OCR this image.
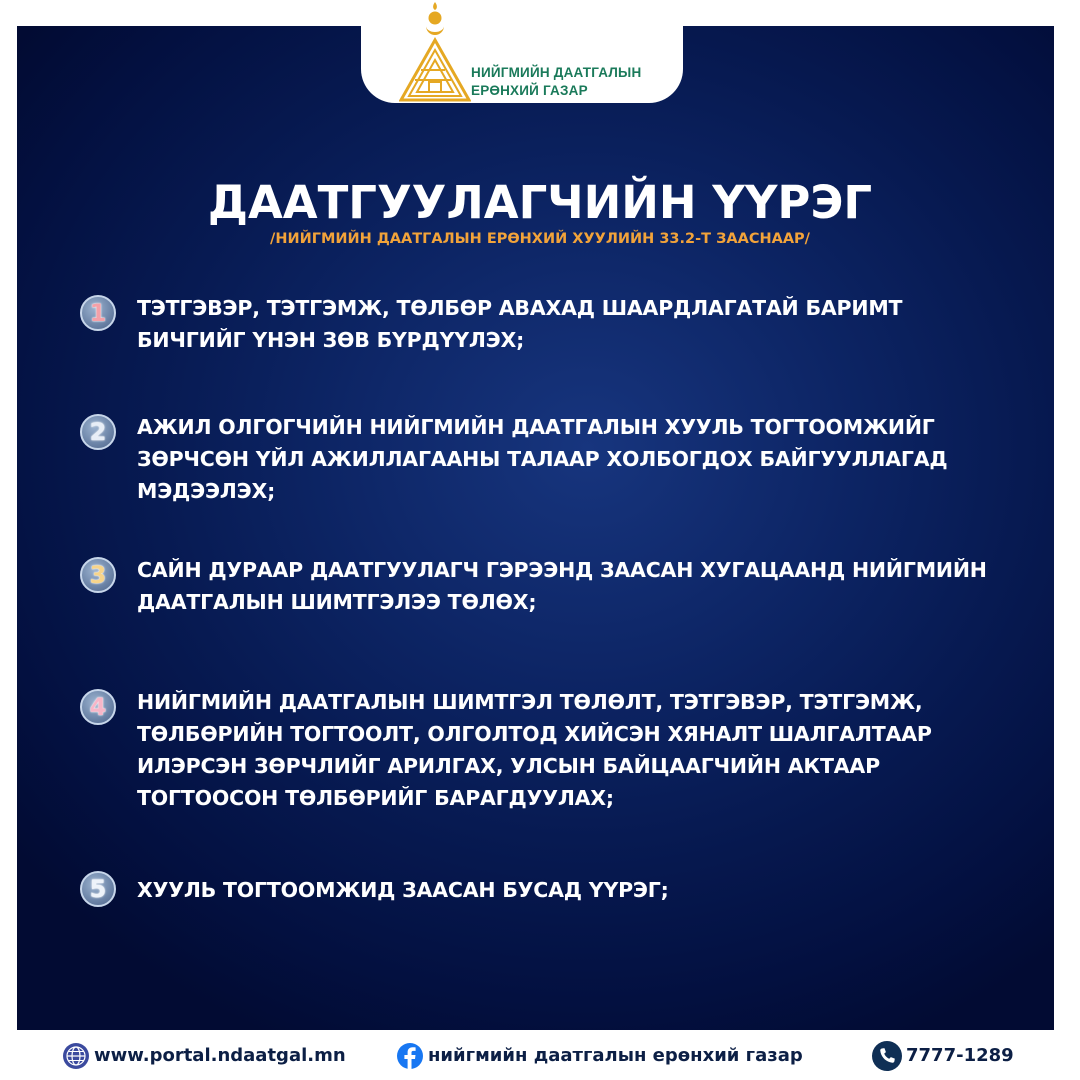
НИЙГМИЙН ДААТГАЛЫН
ЕРӨНХИЙ ГАЗАР
ДААТГУУЛАГЧИЙН ҮҮРЭГ
/НИЙГМИЙН ДААТГАЛЫН ЕРӨНХИЙ ХУУЛИЙН 33.2-Т ЗААСНААР/
1	ТЭТГЭВЭР, ТЭТГЭМЖ, ТӨЛБӨР АВАХАД ШААРДЛАГАТАЙ БАРИМТ
БИЧГИЙГ ҮНЭН ЗӨВ БҮРДҮҮЛЭХ;
2	АЖИЛ ОЛГОГЧИЙН НИЙГМИЙН ДААТГАЛЫН ХУУЛЬ ТОГТООМЖИЙГ
ЗӨРЧСӨН ҮЙЛ АЖИЛЛАГААНЫ ТАЛААР ХОЛБОГДОХ БАЙГУУЛЛАГАД
МЭДЭЭЛЭХ;
3	САЙН ДУРААР ДААТГУУЛАГЧ ГЭРЭЭНД ЗААСАН ХУГАЦААНД НИЙГМИЙН
ДААТГАЛЫН ШИМТГЭЛЭЭ ТӨЛӨХ;
4	НИЙГМИЙН ДААТГАЛЫН ШИМТГЭЛ ТӨЛӨЛТ, ТЭТГЭВЭР, ТЭТГЭМЖ,
ТӨЛБӨРИЙН ТОГТООЛТ, ОЛГОЛТОД ХИЙСЭН ХЯНАЛТ ШАЛГАЛТААР
ИЛЭРСЭН ЗӨРЧЛИЙГ АРИЛГАХ, УЛСЫН БАЙЦААГЧИЙН АКТААР
ТОГТООСОН ТӨЛБӨРИЙГ БАРАГДУУЛАХ;
5	ХУУЛЬ ТОГТООМЖИД ЗААСАН БУСАД ҮҮРЭГ;
www.portal.ndaatgal.mn	нийгмийн даатгалын ерөнхий газар	7777-1289
